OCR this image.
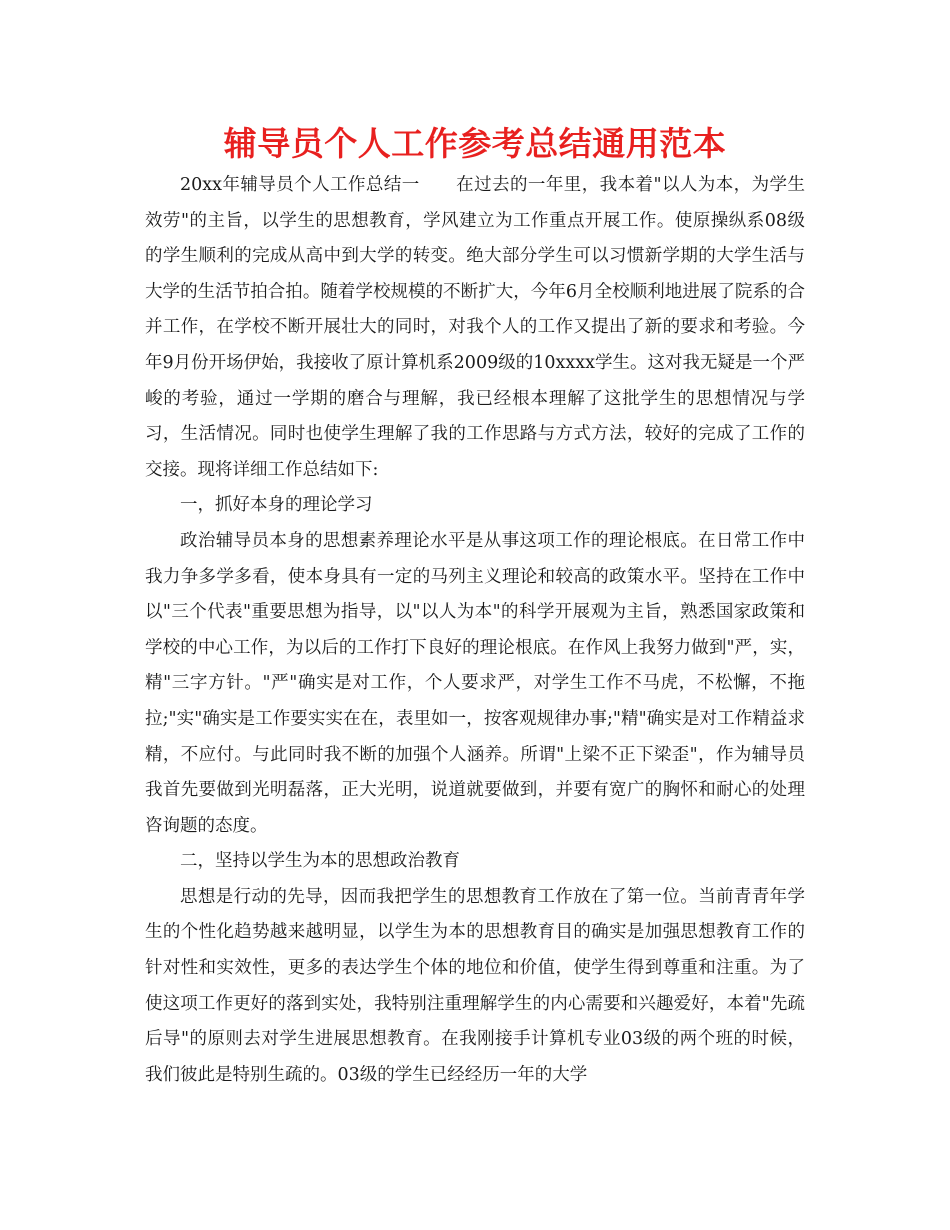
辅导员个人工作参考总结通用范本

20xx年辅导员个人工作总结一 在过去的一年里，我本着"以人为本，为学生效劳"的主旨，以学生的思想教育，学风建立为工作重点开展工作。使原操纵系08级的学生顺利的完成从高中到大学的转变。绝大部分学生可以习惯新学期的大学生活与大学的生活节拍合拍。随着学校规模的不断扩大，今年6月全校顺利地进展了院系的合并工作，在学校不断开展壮大的同时，对我个人的工作又提出了新的要求和考验。今年9月份开场伊始，我接收了原计算机系2009级的10xxxx学生。这对我无疑是一个严峻的考验，通过一学期的磨合与理解，我已经根本理解了这批学生的思想情况与学习，生活情况。同时也使学生理解了我的工作思路与方式方法，较好的完成了工作的交接。现将详细工作总结如下:

一，抓好本身的理论学习

政治辅导员本身的思想素养理论水平是从事这项工作的理论根底。在日常工作中我力争多学多看，使本身具有一定的马列主义理论和较高的政策水平。坚持在工作中以"三个代表"重要思想为指导，以"以人为本"的科学开展观为主旨，熟悉国家政策和学校的中心工作，为以后的工作打下良好的理论根底。在作风上我努力做到"严，实，精"三字方针。"严"确实是对工作，个人要求严，对学生工作不马虎，不松懈，不拖拉;"实"确实是工作要实实在在，表里如一，按客观规律办事;"精"确实是对工作精益求精，不应付。与此同时我不断的加强个人涵养。所谓"上梁不正下梁歪"，作为辅导员我首先要做到光明磊落，正大光明，说道就要做到，并要有宽广的胸怀和耐心的处理咨询题的态度。

二，坚持以学生为本的思想政治教育

思想是行动的先导，因而我把学生的思想教育工作放在了第一位。当前青青年学生的个性化趋势越来越明显，以学生为本的思想教育目的确实是加强思想教育工作的针对性和实效性，更多的表达学生个体的地位和价值，使学生得到尊重和注重。为了使这项工作更好的落到实处，我特别注重理解学生的内心需要和兴趣爱好，本着"先疏后导"的原则去对学生进展思想教育。在我刚接手计算机专业03级的两个班的时候，我们彼此是特别生疏的。03级的学生已经经历一年的大学
